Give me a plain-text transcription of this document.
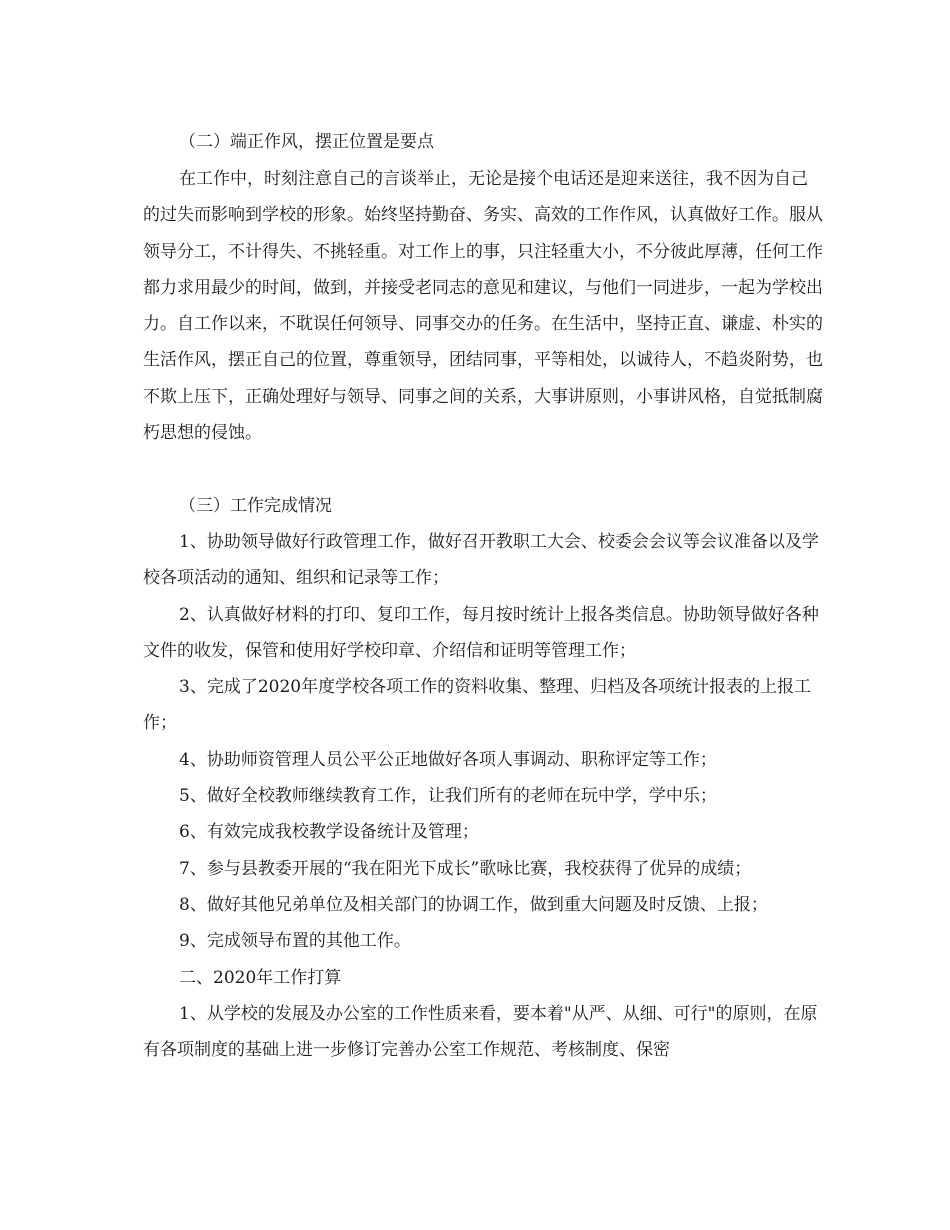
（二）端正作风，摆正位置是要点

在工作中，时刻注意自己的言谈举止，无论是接个电话还是迎来送往，我不因为自己的过失而影响到学校的形象。始终坚持勤奋、务实、高效的工作作风，认真做好工作。服从领导分工，不计得失、不挑轻重。对工作上的事，只注轻重大小，不分彼此厚薄，任何工作都力求用最少的时间，做到，并接受老同志的意见和建议，与他们一同进步，一起为学校出力。自工作以来，不耽误任何领导、同事交办的任务。在生活中，坚持正直、谦虚、朴实的生活作风，摆正自己的位置，尊重领导，团结同事，平等相处，以诚待人，不趋炎附势，也不欺上压下，正确处理好与领导、同事之间的关系，大事讲原则，小事讲风格，自觉抵制腐朽思想的侵蚀。

（三）工作完成情况

1、协助领导做好行政管理工作，做好召开教职工大会、校委会会议等会议准备以及学校各项活动的通知、组织和记录等工作；

2、认真做好材料的打印、复印工作，每月按时统计上报各类信息。协助领导做好各种文件的收发，保管和使用好学校印章、介绍信和证明等管理工作；

3、完成了2020年度学校各项工作的资料收集、整理、归档及各项统计报表的上报工作；

4、协助师资管理人员公平公正地做好各项人事调动、职称评定等工作；

5、做好全校教师继续教育工作，让我们所有的老师在玩中学，学中乐；

6、有效完成我校教学设备统计及管理；

7、参与县教委开展的“我在阳光下成长”歌咏比赛，我校获得了优异的成绩；

8、做好其他兄弟单位及相关部门的协调工作，做到重大问题及时反馈、上报；

9、完成领导布置的其他工作。

二、2020年工作打算

1、从学校的发展及办公室的工作性质来看，要本着"从严、从细、可行"的原则，在原有各项制度的基础上进一步修订完善办公室工作规范、考核制度、保密
